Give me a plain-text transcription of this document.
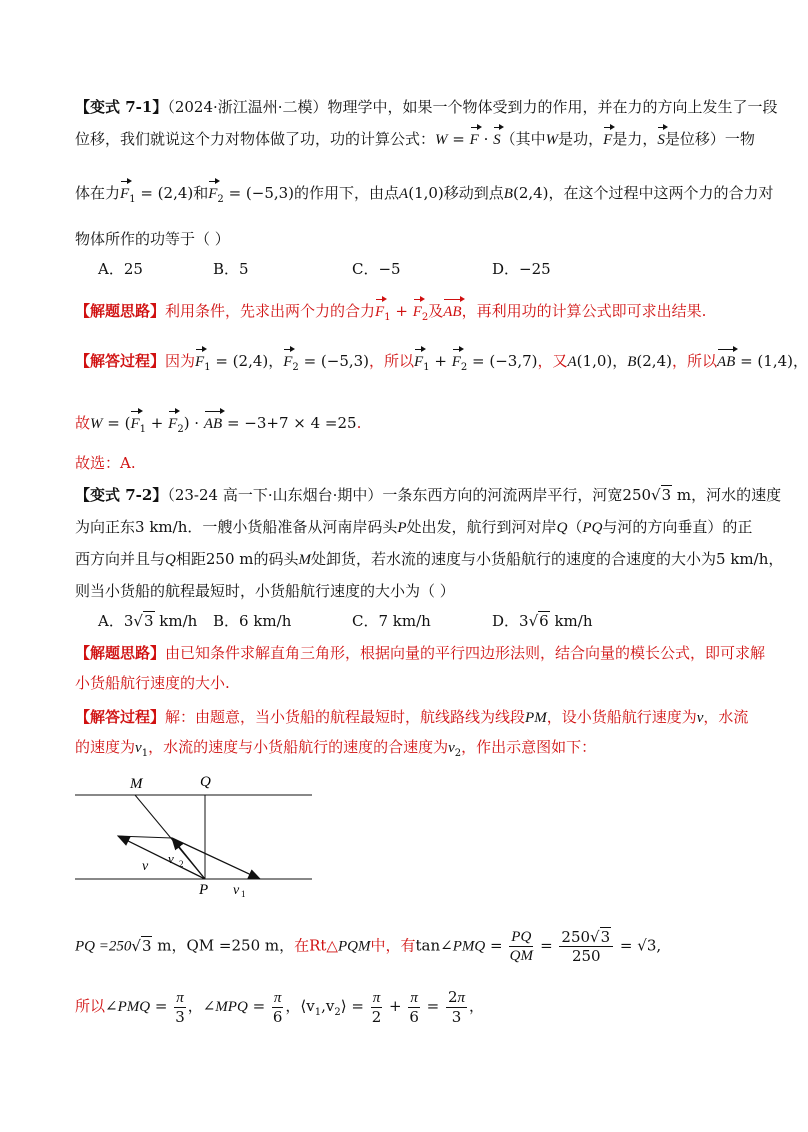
【变式 7-1】（2024·浙江温州·二模）物理学中，如果一个物体受到力的作用，并在力的方向上发生了一段
位移，我们就说这个力对物体做了功，功的计算公式：W = F · S（其中W是功，F是力，S是位移）一物
体在力$F_1 = (2,4)$和$F_2 = (-5,3)$的作用下，由点A(1,0)移动到点B(2,4)，在这个过程中这两个力的合力对
物体所作的功等于（ ）
A．25	B．5	C．−5	D．−25
【解题思路】利用条件，先求出两个力的合力$F_1 + F_2$及AB，再利用功的计算公式即可求出结果.
【解答过程】因为$F_1 = (2,4)$，$F_2 = (-5,3)$，所以$F_1 + F_2 = (-3,7)$，又A(1,0)，B(2,4)，所以AB = (1,4)，
故$W = (F_1 + F_2)$ · AB = −3+7 × 4 =25.
故选：A.
【变式 7-2】（23-24 高一下·山东烟台·期中）一条东西方向的河流两岸平行，河宽250√3 m，河水的速度
为向正东3 km/h．一艘小货船准备从河南岸码头P处出发，航行到河对岸Q（PQ与河的方向垂直）的正
西方向并且与Q相距250 m的码头M处卸货，若水流的速度与小货船航行的速度的合速度的大小为5 km/h，
则当小货船的航程最短时，小货船航行速度的大小为（ ）
A．3√3 km/h B．6 km/h	C．7 km/h	D．3√6 km/h
【解题思路】由已知条件求解直角三角形，根据向量的平行四边形法则，结合向量的模长公式，即可求解
小货船航行速度的大小.
【解答过程】解：由题意，当小货船的航程最短时，航线路线为线段PM，设小货船航行速度为v，水流
的速度为$v_1$，水流的速度与小货船航行的速度的合速度为$v_2$，作出示意图如下：
M	Q
P
v
v 2
v 1
PQ =250√3 m，QM =250 m，在Rt△PQM中，有tan∠PMQ = $\frac{PQ}{QM} = \frac{250√3}{250} = √3$,
所以∠PMQ = $\frac{\pi}{3}$ ，∠MPQ = $\frac{\pi}{6}$ ，$⟨v_1,v_2⟩ = \frac{\pi}{2} + \frac{\pi}{6} = \frac{2\pi}{3}$ ，
